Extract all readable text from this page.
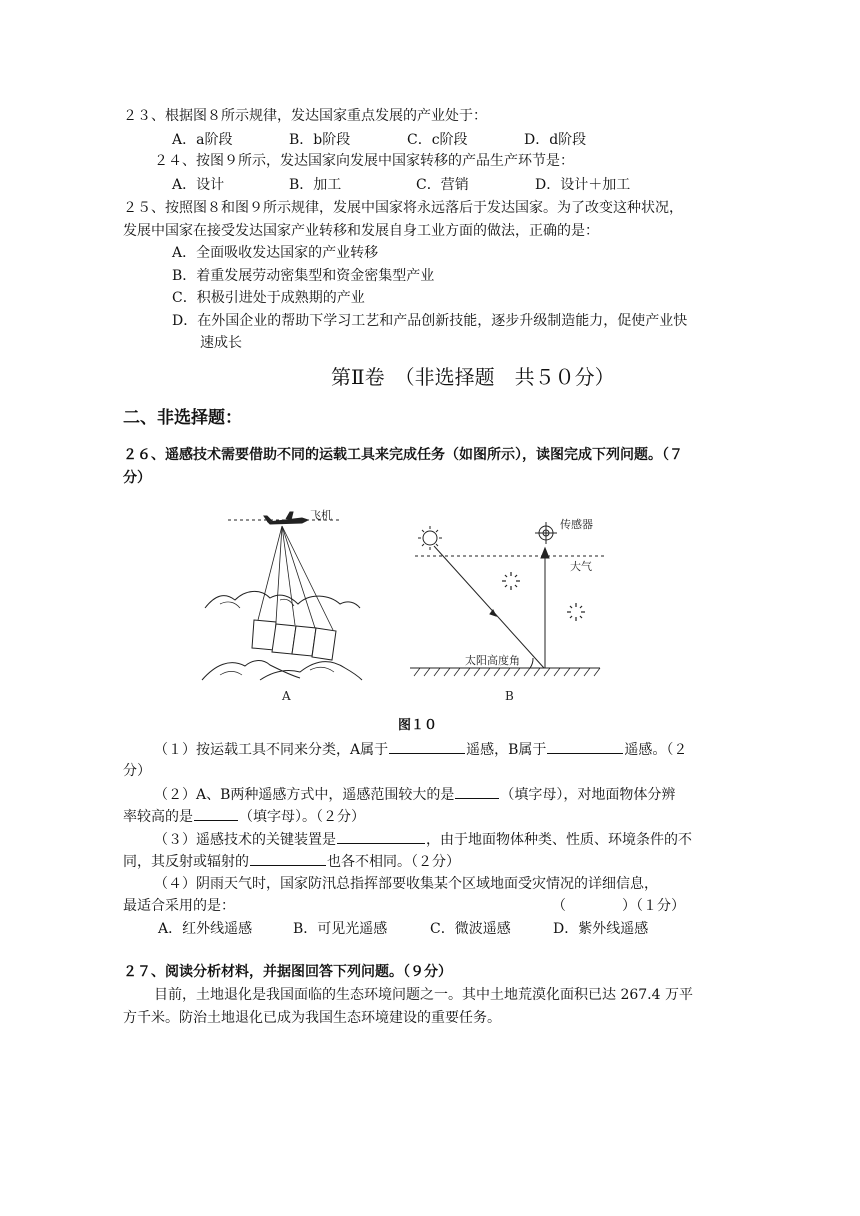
２３、根据图８所示规律，发达国家重点发展的产业处于：
A．a阶段	B．b阶段	C．c阶段	D．d阶段
２４、按图９所示，发达国家向发展中国家转移的产品生产环节是：
A．设计	B．加工	C．营销	D．设计＋加工
２５、按照图８和图９所示规律，发展中国家将永远落后于发达国家。为了改变这种状况，
发展中国家在接受发达国家产业转移和发展自身工业方面的做法，正确的是：
A．全面吸收发达国家的产业转移
B．着重发展劳动密集型和资金密集型产业
C．积极引进处于成熟期的产业
D．在外国企业的帮助下学习工艺和产品创新技能，逐步升级制造能力，促使产业快
速成长
第Ⅱ卷　（非选择题　共５０分）
二、非选择题：
２６、遥感技术需要借助不同的运载工具来完成任务（如图所示），读图完成下列问题。（７
分）
A
飞机
传感器
大气
太阳高度角
B
图１０
（１）按运载工具不同来分类，A属于	遥感，B属于	遥感。（２
分）
（２）A、B两种遥感方式中，遥感范围较大的是	（填字母），对地面物体分辨
率较高的是	（填字母）。（２分）
（３）遥感技术的关键装置是	，由于地面物体种类、性质、环境条件的不
同，其反射或辐射的	也各不相同。（２分）
（４）阴雨天气时，国家防汛总指挥部要收集某个区域地面受灾情况的详细信息，
最适合采用的是：	（　　　　）（１分）
A．红外线遥感	B．可见光遥感	C．微波遥感	D．紫外线遥感
２７、阅读分析材料，并据图回答下列问题。（９分）
目前，土地退化是我国面临的生态环境问题之一。其中土地荒漠化面积已达 267.4 万平
方千米。防治土地退化已成为我国生态环境建设的重要任务。
